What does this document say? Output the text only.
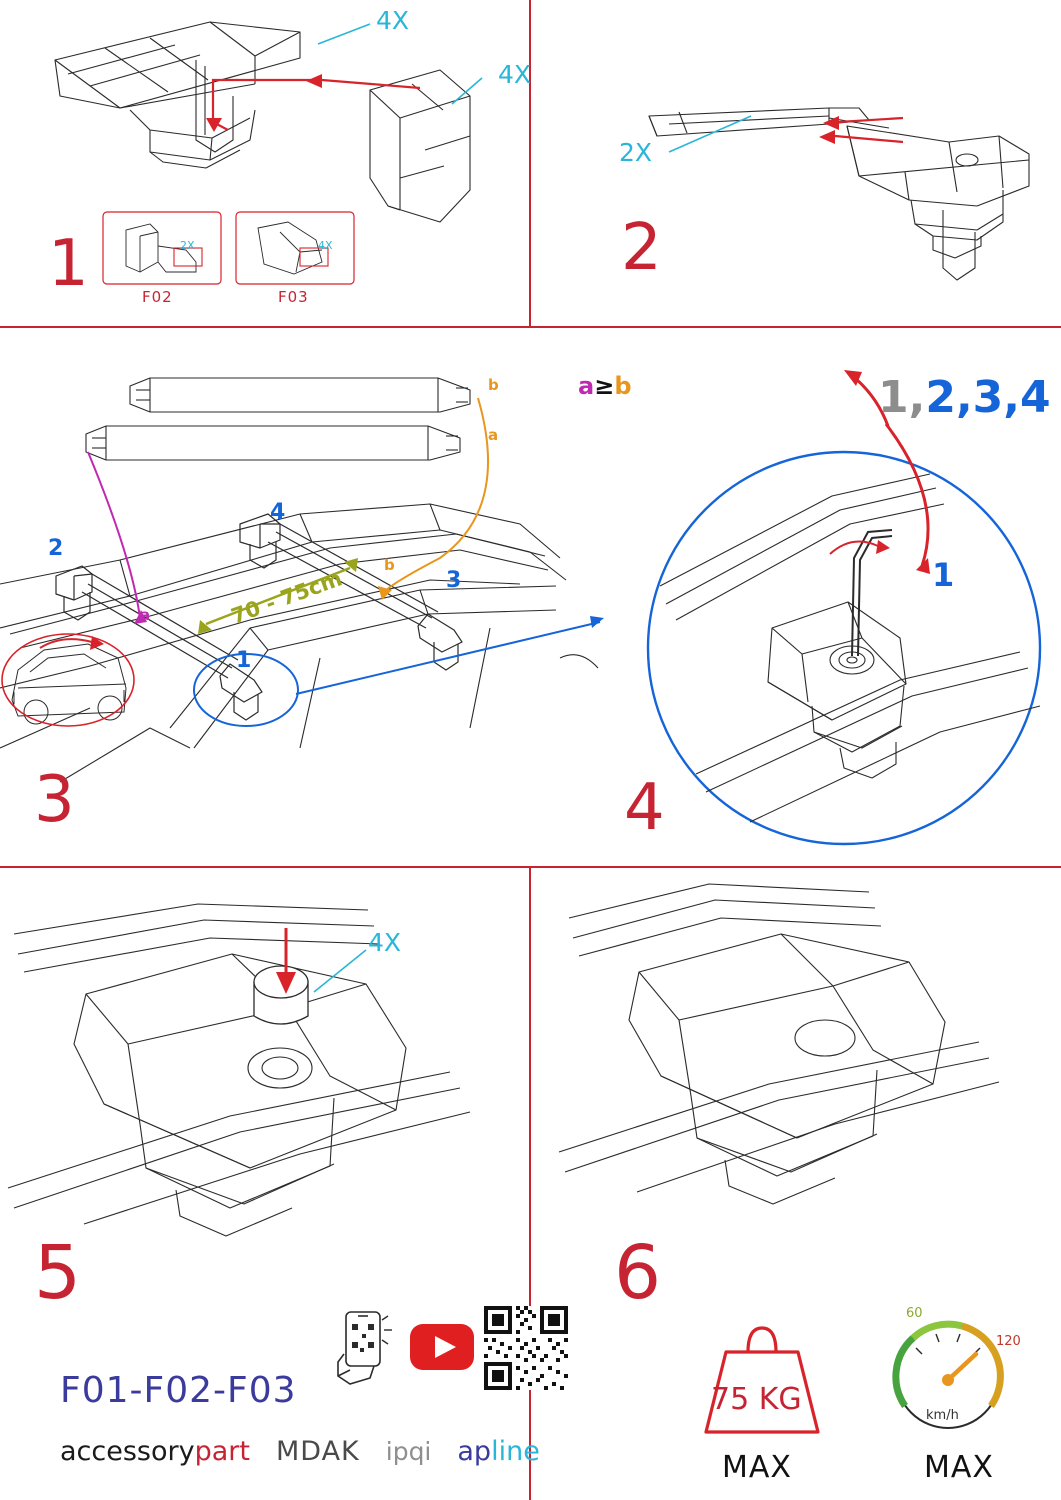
1
4X
4X
F02	F03
2X	4X	2
2X
3
a
b
a
b
1
2
3
4
70 - 75cm
a≥b
4
1,2,3,4
1
4X
5
F01-F02-F03
accessorypart MDAK ipqi apline
6
75 KG
MAX
60
120
km/h
MAX
